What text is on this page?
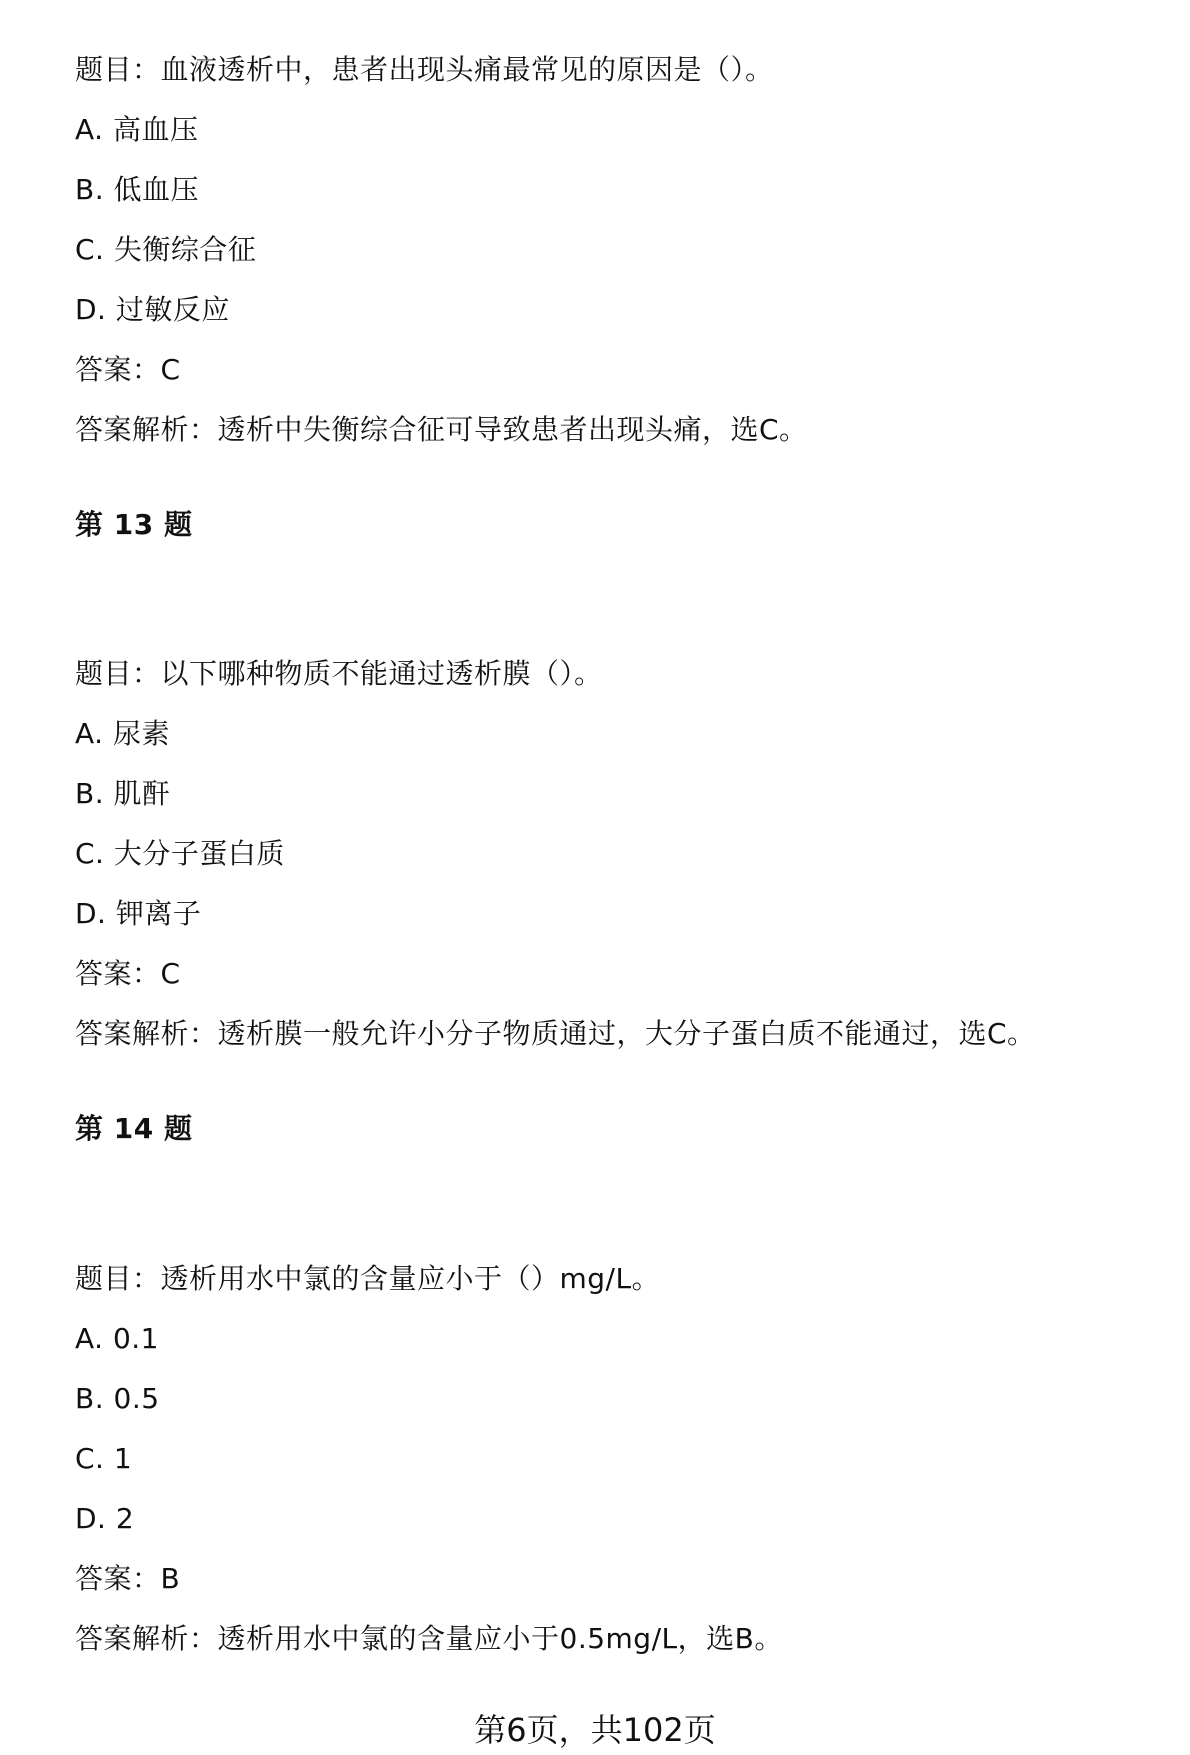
题目：血液透析中，患者出现头痛最常见的原因是（）。
A. 高血压
B. 低血压
C. 失衡综合征
D. 过敏反应
答案：C
答案解析：透析中失衡综合征可导致患者出现头痛，选C。
第 13 题
题目：以下哪种物质不能通过透析膜（）。
A. 尿素
B. 肌酐
C. 大分子蛋白质
D. 钾离子
答案：C
答案解析：透析膜一般允许小分子物质通过，大分子蛋白质不能通过，选C。
第 14 题
题目：透析用水中氯的含量应小于（）mg/L。
A. 0.1
B. 0.5
C. 1
D. 2
答案：B
答案解析：透析用水中氯的含量应小于0.5mg/L，选B。
第6页，共102页
